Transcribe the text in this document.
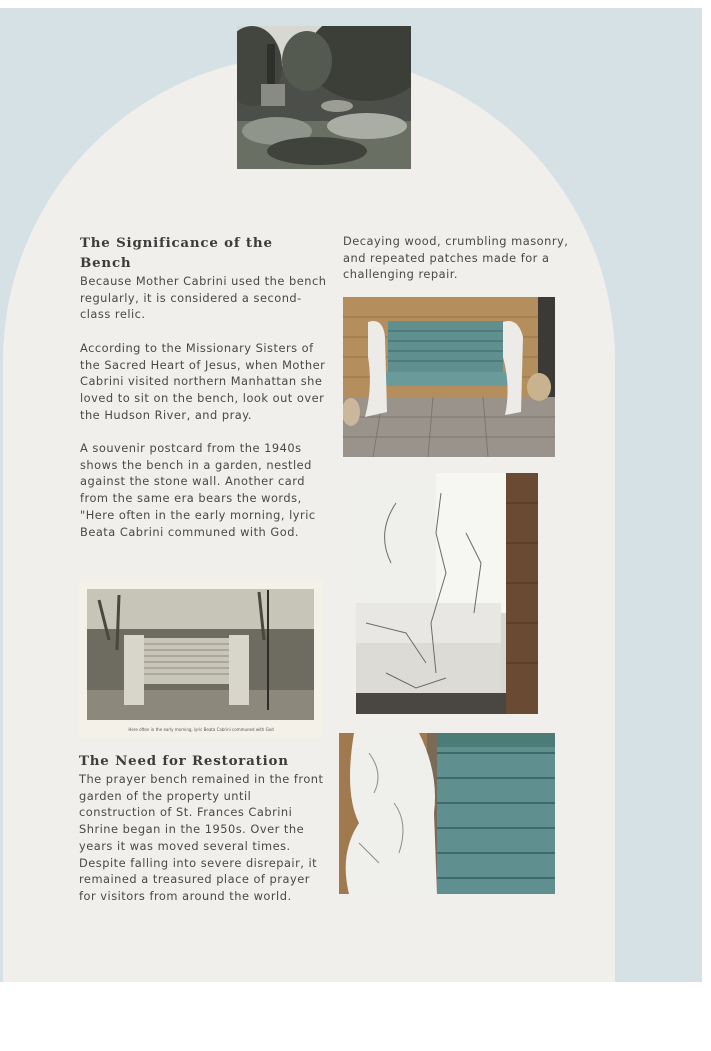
The Significance of the Bench

Because Mother Cabrini used the bench regularly, it is considered a second-class relic.

According to the Missionary Sisters of the Sacred Heart of Jesus, when Mother Cabrini visited northern Manhattan she loved to sit on the bench, look out over the Hudson River, and pray.

A souvenir postcard from the 1940s shows the bench in a garden, nestled against the stone wall. Another card from the same era bears the words, "Here often in the early morning, lyric Beata Cabrini communed with God.

Here often in the early morning, lyric Beata Cabrini communed with God
The Need for Restoration

The prayer bench remained in the front garden of the property until construction of St. Frances Cabrini Shrine began in the 1950s. Over the years it was moved several times. Despite falling into severe disrepair, it remained a treasured place of prayer for visitors from around the world.

Decaying wood, crumbling masonry, and repeated patches made for a challenging repair.
